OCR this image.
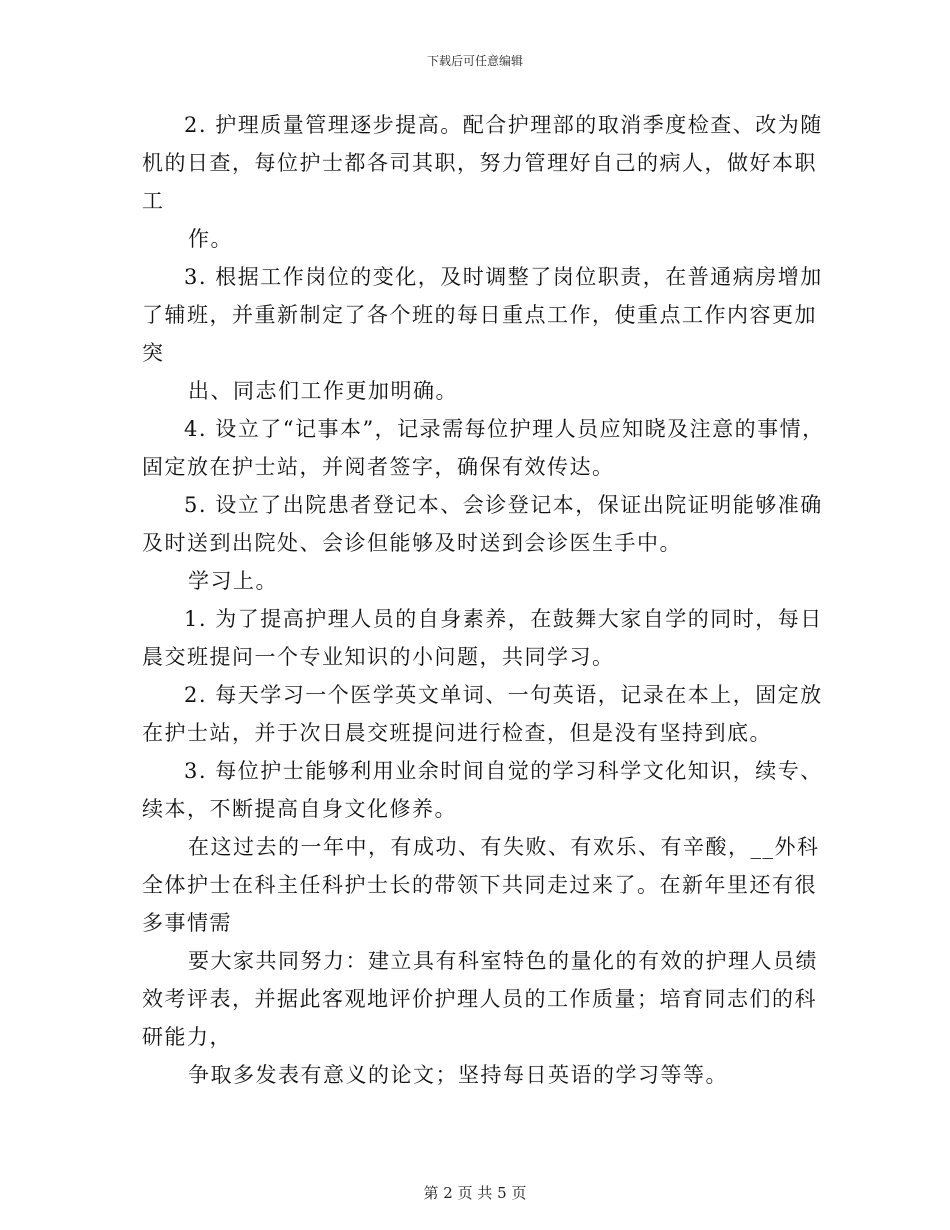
下载后可任意编辑
2. 护理质量管理逐步提高。配合护理部的取消季度检查、改为随
机的日查，每位护士都各司其职，努力管理好自己的病人，做好本职
工
作。
3. 根据工作岗位的变化，及时调整了岗位职责，在普通病房增加
了辅班，并重新制定了各个班的每日重点工作，使重点工作内容更加
突
出、同志们工作更加明确。
4. 设立了“记事本”，记录需每位护理人员应知晓及注意的事情，
固定放在护士站，并阅者签字，确保有效传达。
5. 设立了出院患者登记本、会诊登记本，保证出院证明能够准确
及时送到出院处、会诊但能够及时送到会诊医生手中。
学习上。
1. 为了提高护理人员的自身素养，在鼓舞大家自学的同时，每日
晨交班提问一个专业知识的小问题，共同学习。
2. 每天学习一个医学英文单词、一句英语，记录在本上，固定放
在护士站，并于次日晨交班提问进行检查，但是没有坚持到底。
3. 每位护士能够利用业余时间自觉的学习科学文化知识，续专、
续本，不断提高自身文化修养。
在这过去的一年中，有成功、有失败、有欢乐、有辛酸，__外科
全体护士在科主任科护士长的带领下共同走过来了。在新年里还有很
多事情需
要大家共同努力：建立具有科室特色的量化的有效的护理人员绩
效考评表，并据此客观地评价护理人员的工作质量；培育同志们的科
研能力，
争取多发表有意义的论文；坚持每日英语的学习等等。
第 2 页 共 5 页
